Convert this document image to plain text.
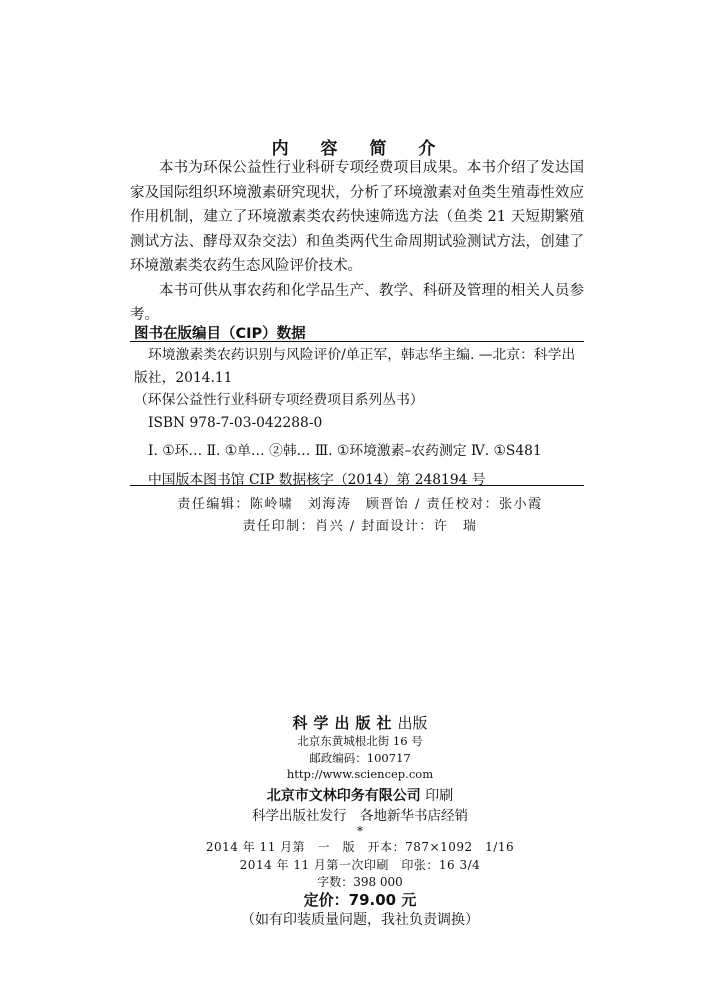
内 容 简 介

本书为环保公益性行业科研专项经费项目成果。本书介绍了发达国家及国际组织环境激素研究现状，分析了环境激素对鱼类生殖毒性效应作用机制，建立了环境激素类农药快速筛选方法（鱼类 21 天短期繁殖测试方法、酵母双杂交法）和鱼类两代生命周期试验测试方法，创建了环境激素类农药生态风险评价技术。

本书可供从事农药和化学品生产、教学、科研及管理的相关人员参考。

图书在版编目（CIP）数据
环境激素类农药识别与风险评价/单正军，韩志华主编. —北京：科学出
版社，2014.11
（环保公益性行业科研专项经费项目系列丛书）
ISBN 978-7-03-042288-0
Ⅰ. ①环… Ⅱ. ①单… ②韩… Ⅲ. ①环境激素–农药测定 Ⅳ. ①S481
中国版本图书馆 CIP 数据核字（2014）第 248194 号
责任编辑：陈岭啸　刘海涛　顾晋饴 / 责任校对：张小霞
责任印制：肖兴 / 封面设计：许　瑞
科学出版社出版
北京东黄城根北街 16 号
邮政编码：100717
http://www.sciencep.com
北京市文林印务有限公司 印刷
科学出版社发行　各地新华书店经销
*
2014 年 11 月第　一　版　开本：787×1092　1/16
2014 年 11 月第一次印刷　印张：16 3/4
字数：398 000
定价：79.00 元
（如有印装质量问题，我社负责调换）
